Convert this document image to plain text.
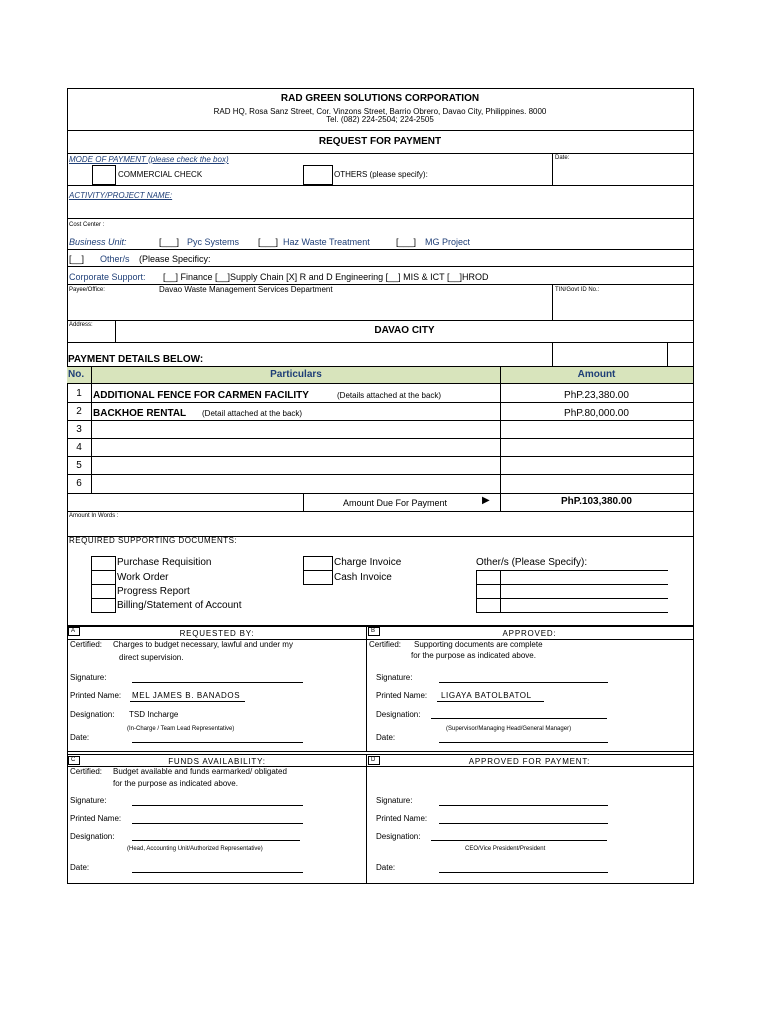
RAD GREEN SOLUTIONS CORPORATION
RAD HQ, Rosa Sanz Street, Cor. Vinzons Street, Barrio Obrero, Davao City, Philippines. 8000
Tel. (082) 224-2504; 224-2505
REQUEST FOR PAYMENT
MODE OF PAYMENT (please check the box)	Date:
COMMERCIAL CHECK	OTHERS (please specify):
ACTIVITY/PROJECT NAME:
Cost Center :
Business Unit:	[___] Pyc Systems [___] Haz Waste Treatment	[___] MG Project
[__] Other/s (Please Specificy:
Corporate Support: [__] Finance [__]Supply Chain [X] R and D Engineering [__] MIS & ICT [__]HROD
Payee/Office:	Davao Waste Management Services Department	TIN/Govt ID No.:
Address:	DAVAO CITY
PAYMENT DETAILS BELOW:
No.	Particulars	Amount
1	ADDITIONAL FENCE FOR CARMEN FACILITY	(Details attached at the back)	PhP.23,380.00
2	BACKHOE RENTAL (Detail attached at the back)	PhP.80,000.00
3
4
5
6
Amount Due For Payment	▶	PhP.103,380.00
Amount In Words :
REQUIRED SUPPORTING DOCUMENTS:
Purchase Requisition
Work Order
Progress Report
Billing/Statement of Account
Charge Invoice
Cash Invoice
Other/s (Please Specify):
A	REQUESTED BY:	B	APPROVED:
Certified: Charges to budget necessary, lawful and under my
direct supervision.
Signature:
Printed Name: MEL JAMES B. BANADOS
Designation: TSD Incharge
(In-Charge / Team Lead Representative)
Date:
Certified: Supporting documents are complete
for the purpose as indicated above.
Signature:
Printed Name: LIGAYA BATOLBATOL
Designation:
(Supervisor/Managing Head/General Manager)
Date:
C	FUNDS AVAILABILITY:	D	APPROVED FOR PAYMENT:
Certified: Budget available and funds earmarked/ obligated
for the purpose as indicated above.
Signature:
Printed Name:
Designation:
(Head, Accounting Unit/Authorized Representative)
Date:
Signature:
Printed Name:
Designation:
CEO/Vice President/President
Date:
